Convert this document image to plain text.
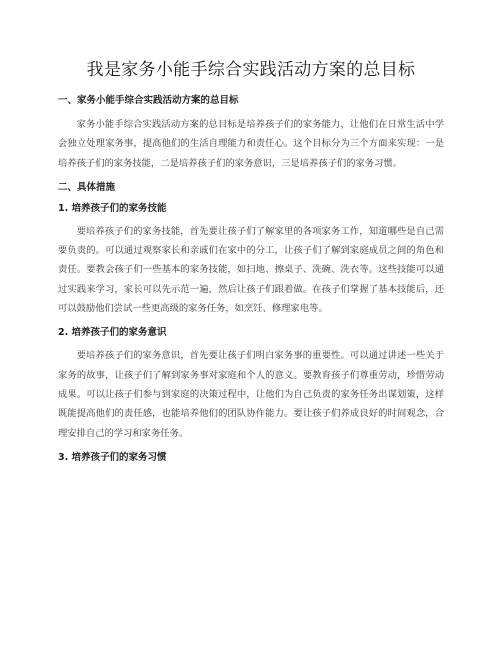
我是家务小能手综合实践活动方案的总目标
一、家务小能手综合实践活动方案的总目标

家务小能手综合实践活动方案的总目标是培养孩子们的家务能力，让他们在日常生活中学会独立处理家务事，提高他们的生活自理能力和责任心。这个目标分为三个方面来实现：一是培养孩子们的家务技能，二是培养孩子们的家务意识，三是培养孩子们的家务习惯。

二、具体措施
1. 培养孩子们的家务技能

要培养孩子们的家务技能，首先要让孩子们了解家里的各项家务工作，知道哪些是自己需要负责的。可以通过观察家长和亲戚们在家中的分工，让孩子们了解到家庭成员之间的角色和责任。要教会孩子们一些基本的家务技能，如扫地、擦桌子、洗碗、洗衣等。这些技能可以通过实践来学习，家长可以先示范一遍，然后让孩子们跟着做。在孩子们掌握了基本技能后，还可以鼓励他们尝试一些更高级的家务任务，如烹饪、修理家电等。

2. 培养孩子们的家务意识

要培养孩子们的家务意识，首先要让孩子们明白家务事的重要性。可以通过讲述一些关于家务的故事，让孩子们了解到家务事对家庭和个人的意义。要教育孩子们尊重劳动，珍惜劳动成果。可以让孩子们参与到家庭的决策过程中，让他们为自己负责的家务任务出谋划策，这样既能提高他们的责任感，也能培养他们的团队协作能力。要让孩子们养成良好的时间观念，合理安排自己的学习和家务任务。

3. 培养孩子们的家务习惯
